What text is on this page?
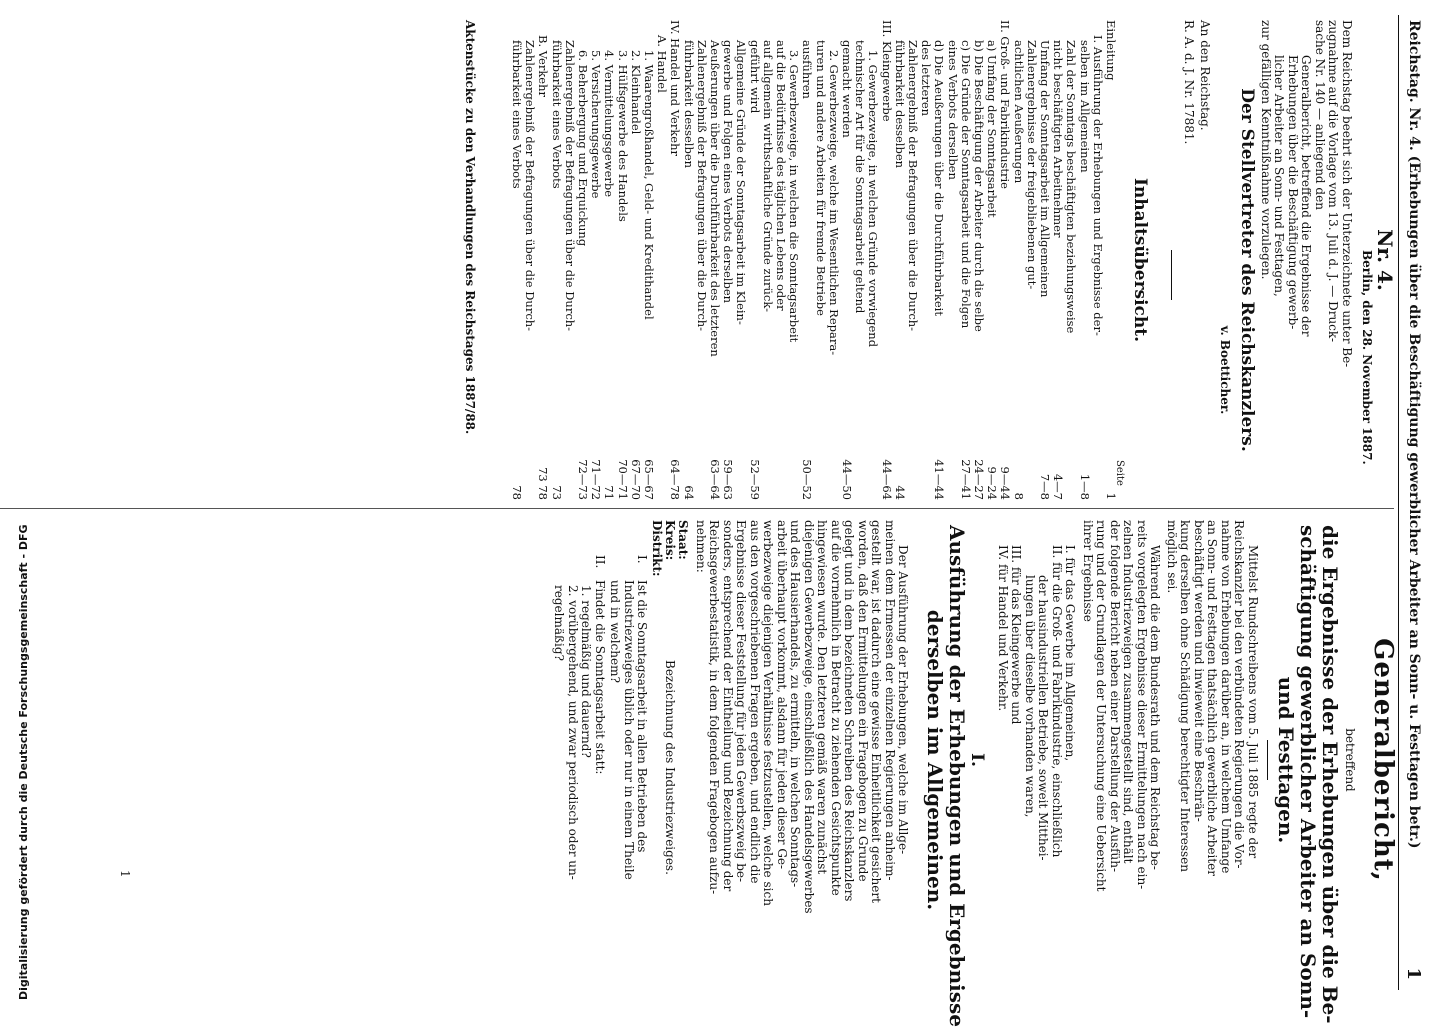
Digitalisierung gefördert durch die Deutsche Forschungsgemeinschaft - DFG	Reichstag. Nr. 4. (Erhebungen über die Beschäftigung gewerblicher Arbeiter an Sonn- u. Festtagen betr.)
1
Nr. 4.
Berlin, den 28. November 1887.
Dem Reichstag beehrt sich der Unterzeichnete unter Be-
zugnahme auf die Vorlage vom 13. Juli d. J. — Druck-
sache Nr. 140 — anliegend den
Generalbericht, betreffend die Ergebnisse der
Erhebungen über die Beschäftigung gewerb-
licher Arbeiter an Sonn- und Festtagen,
zur gefälligen Kenntnißnahme vorzulegen.
Der Stellvertreter des Reichskanzlers.
v. Boetticher.
An den Reichstag.
R. A. d. J. Nr. 17881.
Inhaltsübersicht.
Seite
Einleitung
1
I. Ausführung der Erhebungen und Ergebnisse der-
selben im Allgemeinen
1—8
Zahl der Sonntags beschäftigten beziehungsweise
nicht beschäftigten Arbeitnehmer
4—7
Umfang der Sonntagsarbeit im Allgemeinen
7—8
Zahlenergebnisse der freigebliebenen gut-
achtlichen Aeußerungen
8
II. Groß- und Fabrikindustrie
9—44
a) Umfang der Sonntagsarbeit
9—24
b) Die Beschäftigung der Arbeiter durch die selbe
24—27
c) Die Gründe der Sonntagsarbeit und die Folgen
27—41
eines Verbots derselben
d) Die Aeußerungen über die Durchführbarkeit
41—44
des letzteren
Zahlenergebniß der Befragungen über die Durch-
führbarkeit desselben
44
III. Kleingewerbe
44—64
1. Gewerbezweige, in welchen Gründe vorwiegend
technischer Art für die Sonntagsarbeit geltend
gemacht werden
44—50
2. Gewerbezweige, welche im Wesentlichen Repara-
turen und andere Arbeiten für fremde Betriebe
ausführen
50—52
3. Gewerbezweige, in welchen die Sonntagsarbeit
auf die Bedürfnisse des täglichen Lebens oder
auf allgemein wirthschaftliche Gründe zurück-
geführt wird
52—59
Allgemeine Gründe der Sonntagsarbeit im Klein-
gewerbe und Folgen eines Verbots derselben
59—63
Aeußerungen über die Durchführbarkeit des letzteren
63—64
Zahlenergebniß der Befragungen über die Durch-
führbarkeit desselben
64
IV. Handel und Verkehr
64—78
A. Handel
1. Waarengroßhandel, Geld- und Kredithandel
65—67
2. Kleinhandel
67—70
3. Hülfsgewerbe des Handels
70—71
4. Vermittelungsgewerbe
71
5. Versicherungsgewerbe
71—72
6. Beherbergung und Erquickung
72—73
Zahlenergebniß der Befragungen über die Durch-
führbarkeit eines Verbots
73
B. Verkehr
73 78
Zahlenergebniß der Befragungen über die Durch-
führbarkeit eines Verbots
78
Aktenstücke zu den Verhandlungen des Reichstages 1887/88.
Generalbericht,
betreffend
die Ergebnisse der Erhebungen über die Be-
schäftigung gewerblicher Arbeiter an Sonn-
und Festtagen.
Mittelst Rundschreibens vom 5. Juli 1885 regte der
Reichskanzler bei den verbündeten Regierungen die Vor-
nahme von Erhebungen darüber an, in welchem Umfange
an Sonn- und Festtagen thatsächlich gewerbliche Arbeiter
beschäftigt werden und inwieweit eine Beschrän-
kung derselben ohne Schädigung berechtigter Interessen
möglich sei.
Während die dem Bundesrath und dem Reichstag be-
reits vorgelegten Ergebnisse dieser Ermittelungen nach ein-
zelnen Industriezweigen zusammengestellt sind, enthält
der folgende Bericht neben einer Darstellung der Ausfüh-
rung und der Grundlagen der Untersuchung eine Uebersicht
ihrer Ergebnisse
I. für das Gewerbe im Allgemeinen,
II. für die Groß- und Fabrikindustrie, einschließlich
der hausindustriellen Betriebe, soweit Mitthei-
lungen über dieselbe vorhanden waren,
III. für das Kleingewerbe und
IV. für Handel und Verkehr.
I.
Ausführung der Erhebungen und Ergebnisse
derselben im Allgemeinen.
Der Ausführung der Erhebungen, welche im Allge-
meinen dem Ermessen der einzelnen Regierungen anheim-
gestellt war, ist dadurch eine gewisse Einheitlichkeit gesichert
worden, daß den Ermittelungen ein Fragebogen zu Grunde
gelegt und in dem bezeichneten Schreiben des Reichskanzlers
auf die vornehmlich in Betracht zu ziehenden Gesichtspunkte
hingewiesen wurde. Den letzteren gemäß waren zunächst
diejenigen Gewerbezweige, einschließlich des Handelsgewerbes
und des Hausierhandels, zu ermitteln, in welchen Sonntags-
arbeit überhaupt vorkommt, alsdann für jeden dieser Ge-
werbezweige diejenigen Verhältnisse festzustellen, welche sich
aus den vorgeschriebenen Fragen ergeben, und endlich die
Ergebnisse dieser Feststellung für jeden Gewerbszweig be-
sonders, entsprechend der Eintheilung und Bezeichnung der
Reichsgewerbestatistik, in dem folgenden Fragebogen aufzu-
nehmen:
Staat:
Kreis:
Bezeichnung des Industriezweiges.
Distrikt:
I.
Ist die Sonntagsarbeit in allen Betrieben des
Industriezweiges üblich oder nur in einem Theile
und in welchem?
II.
Findet die Sonntagsarbeit statt:
1. regelmäßig und dauernd?
2. vorübergehend, und zwar periodisch oder un-
regelmäßig?
1
